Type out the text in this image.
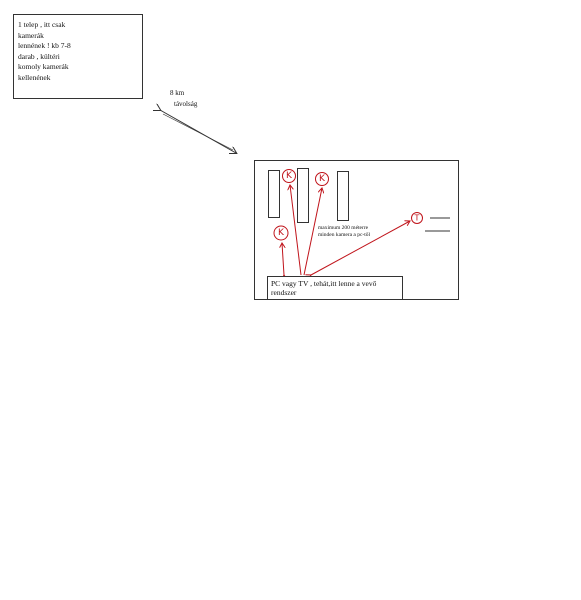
1 telep , itt csak
kamerák
lennének ! kb 7-8
darab , kültéri
komoly kamerák
kellenének
8 km
távolság
K	K
K
T
maximum 200 méterre
minden kamera a pc-től
PC vagy TV , tehát,itt lenne a vevő rendszer
